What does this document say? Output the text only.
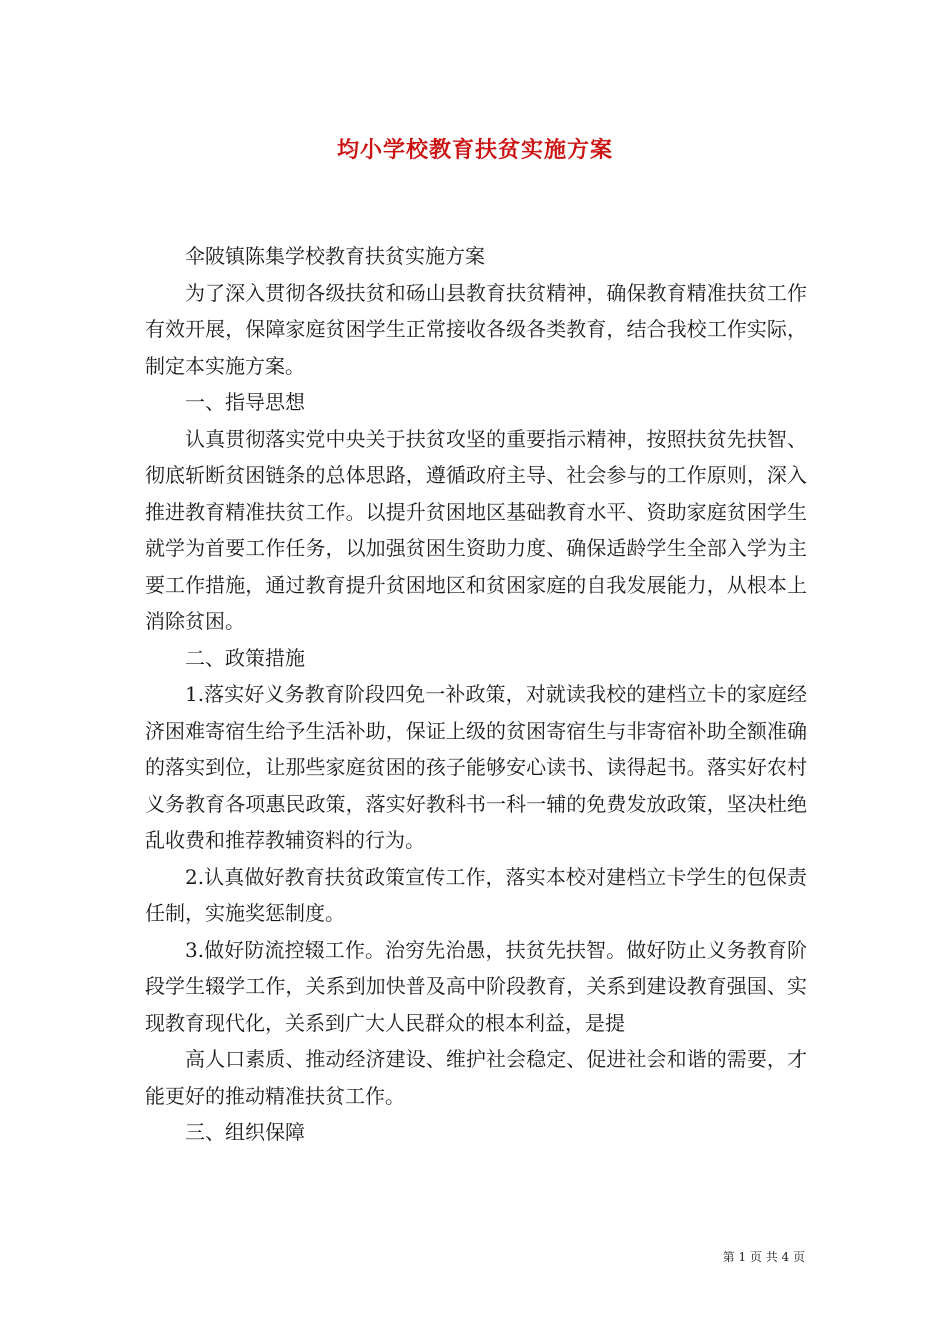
均小学校教育扶贫实施方案

伞陂镇陈集学校教育扶贫实施方案

为了深入贯彻各级扶贫和砀山县教育扶贫精神，确保教育精准扶贫工作有效开展，保障家庭贫困学生正常接收各级各类教育，结合我校工作实际，制定本实施方案。

一、指导思想

认真贯彻落实党中央关于扶贫攻坚的重要指示精神，按照扶贫先扶智、彻底斩断贫困链条的总体思路，遵循政府主导、社会参与的工作原则，深入推进教育精准扶贫工作。以提升贫困地区基础教育水平、资助家庭贫困学生就学为首要工作任务，以加强贫困生资助力度、确保适龄学生全部入学为主要工作措施，通过教育提升贫困地区和贫困家庭的自我发展能力，从根本上消除贫困。

二、政策措施

1.落实好义务教育阶段四免一补政策，对就读我校的建档立卡的家庭经济困难寄宿生给予生活补助，保证上级的贫困寄宿生与非寄宿补助全额准确的落实到位，让那些家庭贫困的孩子能够安心读书、读得起书。落实好农村义务教育各项惠民政策，落实好教科书一科一辅的免费发放政策，坚决杜绝乱收费和推荐教辅资料的行为。

2.认真做好教育扶贫政策宣传工作，落实本校对建档立卡学生的包保责任制，实施奖惩制度。

3.做好防流控辍工作。治穷先治愚，扶贫先扶智。做好防止义务教育阶段学生辍学工作，关系到加快普及高中阶段教育，关系到建设教育强国、实现教育现代化，关系到广大人民群众的根本利益，是提

高人口素质、推动经济建设、维护社会稳定、促进社会和谐的需要，才能更好的推动精准扶贫工作。

三、组织保障

第 1 页 共 4 页
